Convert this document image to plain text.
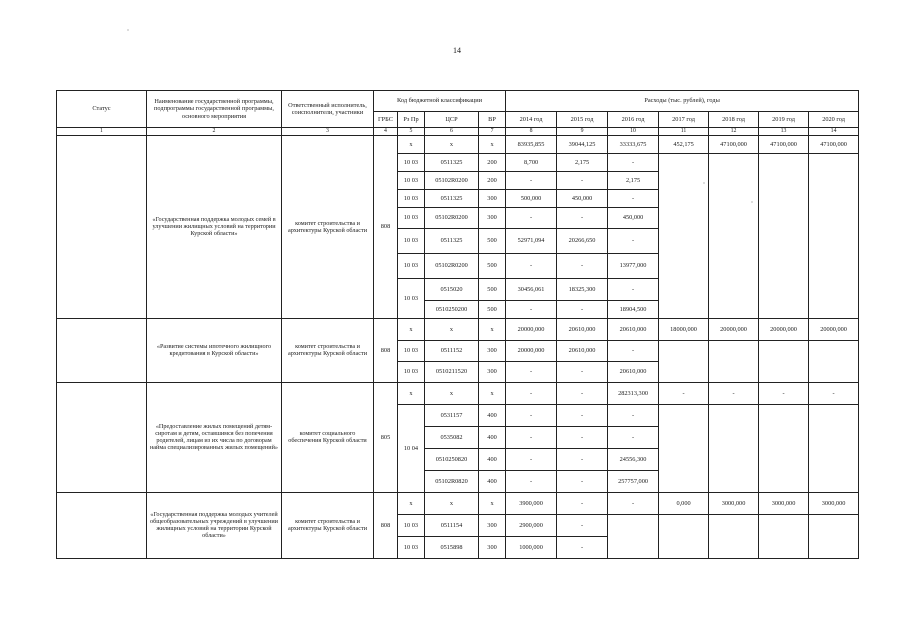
14
Статус	Наименование государственной программы, подпрограммы государственной программы, основного мероприятия	Ответственный исполнитель, соисполнители, участники	Код бюджетной классификации				Расходы (тыс. рублей), годы						
			ГРБС	Рз Пр	ЦСР	ВР	2014 год	2015 год	2016 год	2017 год	2018 год	2019 год	2020 год
1	2	3	4	5	6	7	8	9	10	11	12	13	14
	«Государственная поддержка молодых семей в улучшении жилищных условий на территории Курской области»	комитет строительства и архитектуры Курской области	808	х	х	х	83935,855	39044,125	33333,675	452,175	47100,000	47100,000	47100,000
				10 03	0511325	200	8,700	2,175	-				
				10 03	05102R0200	200	-	-	2,175				
				10 03	0511325	300	500,000	450,000	-				
				10 03	05102R0200	300	-	-	450,000				
				10 03	0511325	500	52971,094	20266,650	-				
				10 03	05102R0200	500	-	-	13977,000				
				10 03	0515020	500	30456,061	18325,300	-				
					0510250200	500	-	-	18904,500				
	«Развитие системы ипотечного жилищного кредитования в Курской области»	комитет строительства и архитектуры Курской области	808	х	х	х	20000,000	20610,000	20610,000	18000,000	20000,000	20000,000	20000,000
				10 03	0511152	300	20000,000	20610,000	-				
				10 03	0510211520	300	-	-	20610,000				
	«Предоставление жилых помещений детям-сиротам и детям, оставшимся без попечения родителей, лицам из их числа по договорам найма специализированных жилых помещений»	комитет социального обеспечения Курской области	805	х	х	х	-	-	282313,300	-	-	-	-
				10 04	0531157	400	-	-	-				
					0535082	400	-	-	-				
					0510250820	400	-	-	24556,300				
					05102R0820	400	-	-	257757,000				
	«Государственная поддержка молодых учителей общеобразовательных учреждений в улучшении жилищных условий на территории Курской области»	комитет строительства и архитектуры Курской области	808	х	х	х	3900,000	-	-	0,000	3000,000	3000,000	3000,000
				10 03	0511154	300	2900,000	-					
				10 03	0515898	300	1000,000	-					
